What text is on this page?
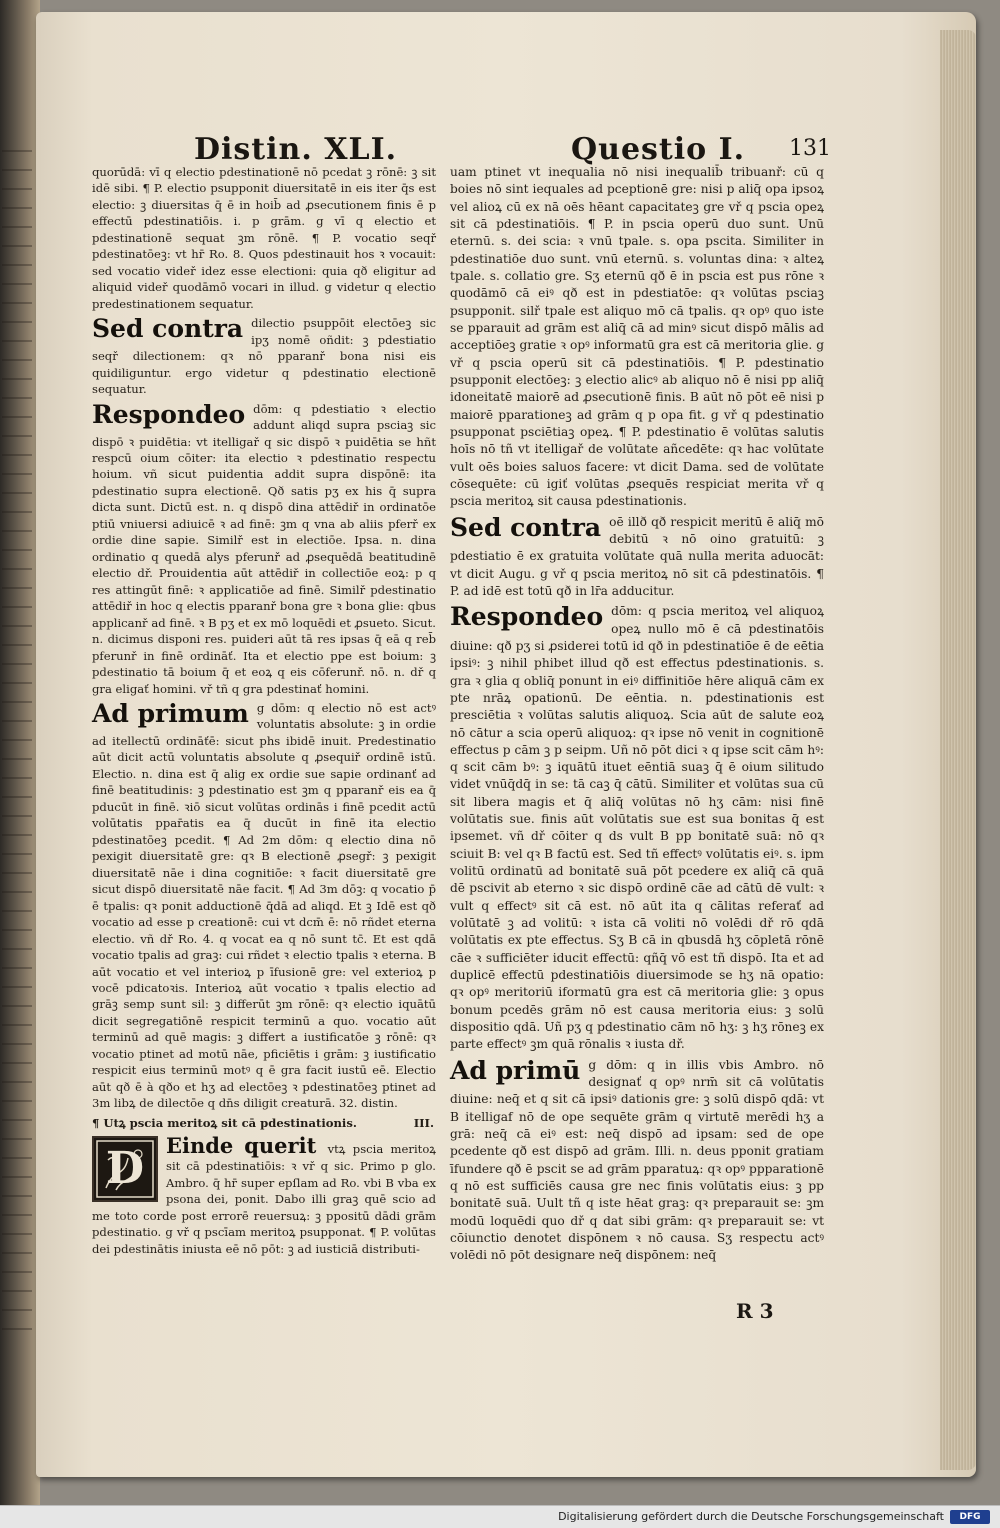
Distin. XLI.	Questio I. 131

quorūdā: vī q electio pdestinationē nō pcedat ꝫ rōnē: ꝫ sit idē sibi. ¶ P. electio psupponit diuersitatē in eis iter q̄s est electio: ꝫ diuersitas q̄ ē in hoib̄ ad ꝓsecutionem finis ē p effectū pdestinatiōis. i. p grām. g vī q electio et pdestinationē sequat ꝫm rōnē. ¶ P. vocatio seqř pdestinatōeꝫ: vt hr̄ Ro. 8. Quos pdestinauit hos ꝛ vocauit: sed vocatio videř idez esse electioni: quia qð eligitur ad aliquid videř quodāmō vocari in illud. g videtur q electio predestinationem sequatur.

Sed contra dilectio psuppōit electōeꝫ sic ipʒ nomē oñdit: ꝫ pdestiatio seqř dilectionem: qꝛ nō pparanř bona nisi eis quidiliguntur. ergo videtur q pdestinatio electionē sequatur.

Respondeo dōm: q pdestiatio ꝛ electio addunt aliqd supra psciaꝫ sic dispō ꝛ puidētia: vt itelligař q sic dispō ꝛ puidētia se hñt respcū oium cōiter: ita electio ꝛ pdestinatio respectu hoium. vñ sicut puidentia addit supra dispōnē: ita pdestinatio supra electionē. Qð satis pʒ ex his q̄ supra dicta sunt. Dictū est. n. q dispō dina attēdiř in ordinatōe ptiū vniuersi adiuicē ꝛ ad finē: ꝫm q vna ab aliis pferř ex ordie dine sapie. Similř est in electiōe. Ipsa. n. dina ordinatio q quedā alys pferunř ad ꝓsequēdā beatitudinē electio dř. Prouidentia aūt attēdiř in collectiōe eoꝝ: p q res attingūt finē: ꝛ applicatiōe ad finē. Similř pdestinatio attēdiř in hoc q electis pparanř bona gre ꝛ bona glie: qbus applicanř ad finē. ꝛ B pʒ et ex mō loquēdi et ꝓsueto. Sicut. n. dicimus disponi res. puideri aūt tā res ipsas q̄ eā q reb̄ pferunř in finē ordināť. Ita et electio ppe est boium: ꝫ pdestinatio tā boium q̄ et eoꝝ q eis cōferunř. nō. n. dř q gra eligať homini. vř tñ q gra pdestinať homini.

Ad primum g dōm: q electio nō est actꝰ voluntatis absolute: ꝫ in ordie ad itellectū ordināťē: sicut phs ibidē inuit. Predestinatio aūt dicit actū voluntatis absolute q ꝓsequiř ordinē istū. Electio. n. dina est q̄ alig ex ordie sue sapie ordinanť ad finē beatitudinis: ꝫ pdestinatio est ꝫm q pparanř eis ea q̄ pducūt in finē. ꝛiō sicut volūtas ordinās i finē pcedit actū volūtatis ppar̄atis ea q̄ ducūt in finē ita electio pdestinatōeꝫ pcedit. ¶ Ad 2m dōm: q electio dina nō pexigit diuersitatē gre: qꝛ B electionē ꝓsegř: ꝫ pexigit diuersitatē nāe i dina cognitiōe: ꝛ facit diuersitatē gre sicut dispō diuersitatē nāe facit. ¶ Ad 3m dōꝫ: q vocatio p̄ ē tpalis: qꝛ ponit adductionē q̄dā ad aliqd. Et ꝫ Idē est qð vocatio ad esse p creationē: cui vt dcm̄ ē: nō rñdet eterna electio. vñ dř Ro. 4. q vocat ea q nō sunt tc̄. Et est qdā vocatio tpalis ad graꝫ: cui rñdet ꝛ electio tpalis ꝛ eterna. B aūt vocatio et vel interioꝝ p īfusionē gre: vel exterioꝝ p vocē pdicatoꝛis. Interioꝝ aūt vocatio ꝛ tpalis electio ad grāꝫ semp sunt sil: ꝫ differūt ꝫm rōnē: qꝛ electio iquātū dicit segregatiōnē respicit terminū a quo. vocatio aūt terminū ad quē magis: ꝫ differt a iustificatōe ꝫ rōnē: qꝛ vocatio ptinet ad motū nāe, pficiētis i grām: ꝫ iustificatio respicit eius terminū motꝰ q ē gra facit iustū eē. Electio aūt qð ē à qðo et hʒ ad electōeꝫ ꝛ pdestinatōeꝫ ptinet ad 3m libꝝ de dilectōe q dn̄s diligit creaturā. 32. distin.

¶ Utꝝ pscia meritoꝝ sit cā pdestinationis.	III.

D	Einde querit vtꝝ pscia meritoꝝ sit cā pdestinatiōis: ꝛ vř q sic. Primo p glo. Ambro. q̄ hr̄ super epſlam ad Ro. vbi B vba ex psona dei, ponit. Dabo illi graꝫ quē scio ad me toto corde post errorē reuersuꝝ: ꝫ ppositū dādi grām pdestinatio. g vř q pscīam meritoꝝ psupponat. ¶ P. volūtas dei pdestinātis iniusta eē nō pōt: ꝫ ad iusticiā distributi-

uam ptinet vt inequalia nō nisi inequalib̄ tribuanř: cū q boies nō sint iequales ad pceptionē gre: nisi p aliq̄ opa ipsoꝝ vel alioꝝ cū ex nā oēs hēant capacitateꝫ gre vř q pscia opeꝝ sit cā pdestinatiōis. ¶ P. in pscia operū duo sunt. Unū eternū. s. dei scia: ꝛ vnū tpale. s. opa pscita. Similiter in pdestinatiōe duo sunt. vnū eternū. s. voluntas dina: ꝛ alteꝝ tpale. s. collatio gre. Sʒ eternū qð ē in pscia est pus rōne ꝛ quodāmō cā eiꝰ qð est in pdestiatōe: qꝛ volūtas psciaꝫ psupponit. silř tpale est aliquo mō cā tpalis. qꝛ opꝰ quo iste se pparauit ad grām est aliq̄ cā ad minꝰ sicut dispō mālis ad acceptiōeꝫ gratie ꝛ opꝰ informatū gra est cā meritoria glie. g vř q pscia operū sit cā pdestinatiōis. ¶ P. pdestinatio psupponit electōeꝫ: ꝫ electio alicꝰ ab aliquo nō ē nisi pp aliq̄ idoneitatē maiorē ad ꝓsecutionē finis. B aūt nō pōt eē nisi p maiorē pparationeꝫ ad grām q p opa fit. g vř q pdestinatio psupponat psciētiaꝫ opeꝝ. ¶ P. pdestinatio ē volūtas salutis hoīs nō tñ vt itelligař de volūtate añcedēte: qꝛ hac volūtate vult oēs boies saluos facere: vt dicit Dama. sed de volūtate cōsequēte: cū igiť volūtas ꝓsequēs respiciat merita vř q pscia meritoꝝ sit causa pdestinationis.

Sed contra oē illð qð respicit meritū ē aliq̄ mō debitū ꝛ nō oino gratuitū: ꝫ pdestiatio ē ex gratuita volūtate quā nulla merita aduocāt: vt dicit Augu. g vř q pscia meritoꝝ nō sit cā pdestinatōis. ¶ P. ad idē est totū qð in lr̄a adducitur.

Respondeo dōm: q pscia meritoꝝ vel aliquoꝝ opeꝝ nullo mō ē cā pdestinatōis diuine: qð pʒ si ꝓsiderei totū id qð in pdestinatiōe ē de eētia ipsiꝰ: ꝫ nihil phibet illud qð est effectus pdestinationis. s. gra ꝛ glia q obliq̄ ponunt in eiꝰ diffinitiōe hēre aliquā cām ex pte nrāꝝ opationū. De eēntia. n. pdestinationis est presciētia ꝛ volūtas salutis aliquoꝝ. Scia aūt de salute eoꝝ nō cātur a scia operū aliquoꝝ: qꝛ ipse nō venit in cognitionē effectus p cām ꝫ p seipm. Uñ nō pōt dici ꝛ q ipse scit cām hꝰ: q scit cām bꝰ: ꝫ iquātū ituet eēntiā suaꝫ q̄ ē oium silitudo videt vnūq̄dq̄ in se: tā caꝫ q̄ cātū. Similiter et volūtas sua cū sit libera magis et q̄ aliq̄ volūtas nō hʒ cām: nisi finē volūtatis sue. finis aūt volūtatis sue est sua bonitas q̄ est ipsemet. vñ dř cōiter q ds vult B pp bonitatē suā: nō qꝛ sciuit B: vel qꝛ B factū est. Sed tñ effectꝰ volūtatis eiꝰ. s. ipm volitū ordinatū ad bonitatē suā pōt pcedere ex aliq̄ cā quā dē pscivit ab eterno ꝛ sic dispō ordinē cāe ad cātū dē vult: ꝛ vult q effectꝰ sit cā est. nō aūt ita q cālitas referať ad volūtatē ꝫ ad volitū: ꝛ ista cā voliti nō volēdi dř rō qdā volūtatis ex pte effectus. Sʒ B cā in qbusdā hʒ cōpletā rōnē cāe ꝛ sufficiēter iducit effectū: qñq̄ vō est tñ dispō. Ita et ad duplicē effectū pdestinatiōis diuersimode se hʒ nā opatio: qꝛ opꝰ meritoriū iformatū gra est cā meritoria glie: ꝫ opus bonum pcedēs grām nō est causa meritoria eius: ꝫ solū dispositio qdā. Uñ pʒ q pdestinatio cām nō hʒ: ꝫ hʒ rōneꝫ ex parte effectꝰ ꝫm quā rōnalis ꝛ iusta dř.

Ad primū g dōm: q in illis vbis Ambro. nō designať q opꝰ nrm̄ sit cā volūtatis diuine: neq̄ et q sit cā ipsiꝰ dationis gre: ꝫ solū dispō qdā: vt B itelligaf nō de ope sequēte grām q virtutē merēdi hʒ a grā: neq̄ cā eiꝰ est: neq̄ dispō ad ipsam: sed de ope pcedente qð est dispō ad grām. Illi. n. deus pponit gratiam īfundere qð ē pscit se ad grām pparatuꝝ: qꝛ opꝰ ppparationē q nō est sufficiēs causa gre nec finis volūtatis eius: ꝫ pp bonitatē suā. Uult tñ q iste hēat graꝫ: qꝛ preparauit se: ꝫm modū loquēdi quo dř q dat sibi grām: qꝛ preparauit se: vt cōiunctio denotet dispōnem ꝛ nō causa. Sʒ respectu actꝰ volēdi nō pōt designare neq̄ dispōnem: neq̄

R 3
Digitalisierung gefördert durch die Deutsche Forschungsgemeinschaft	DFG
